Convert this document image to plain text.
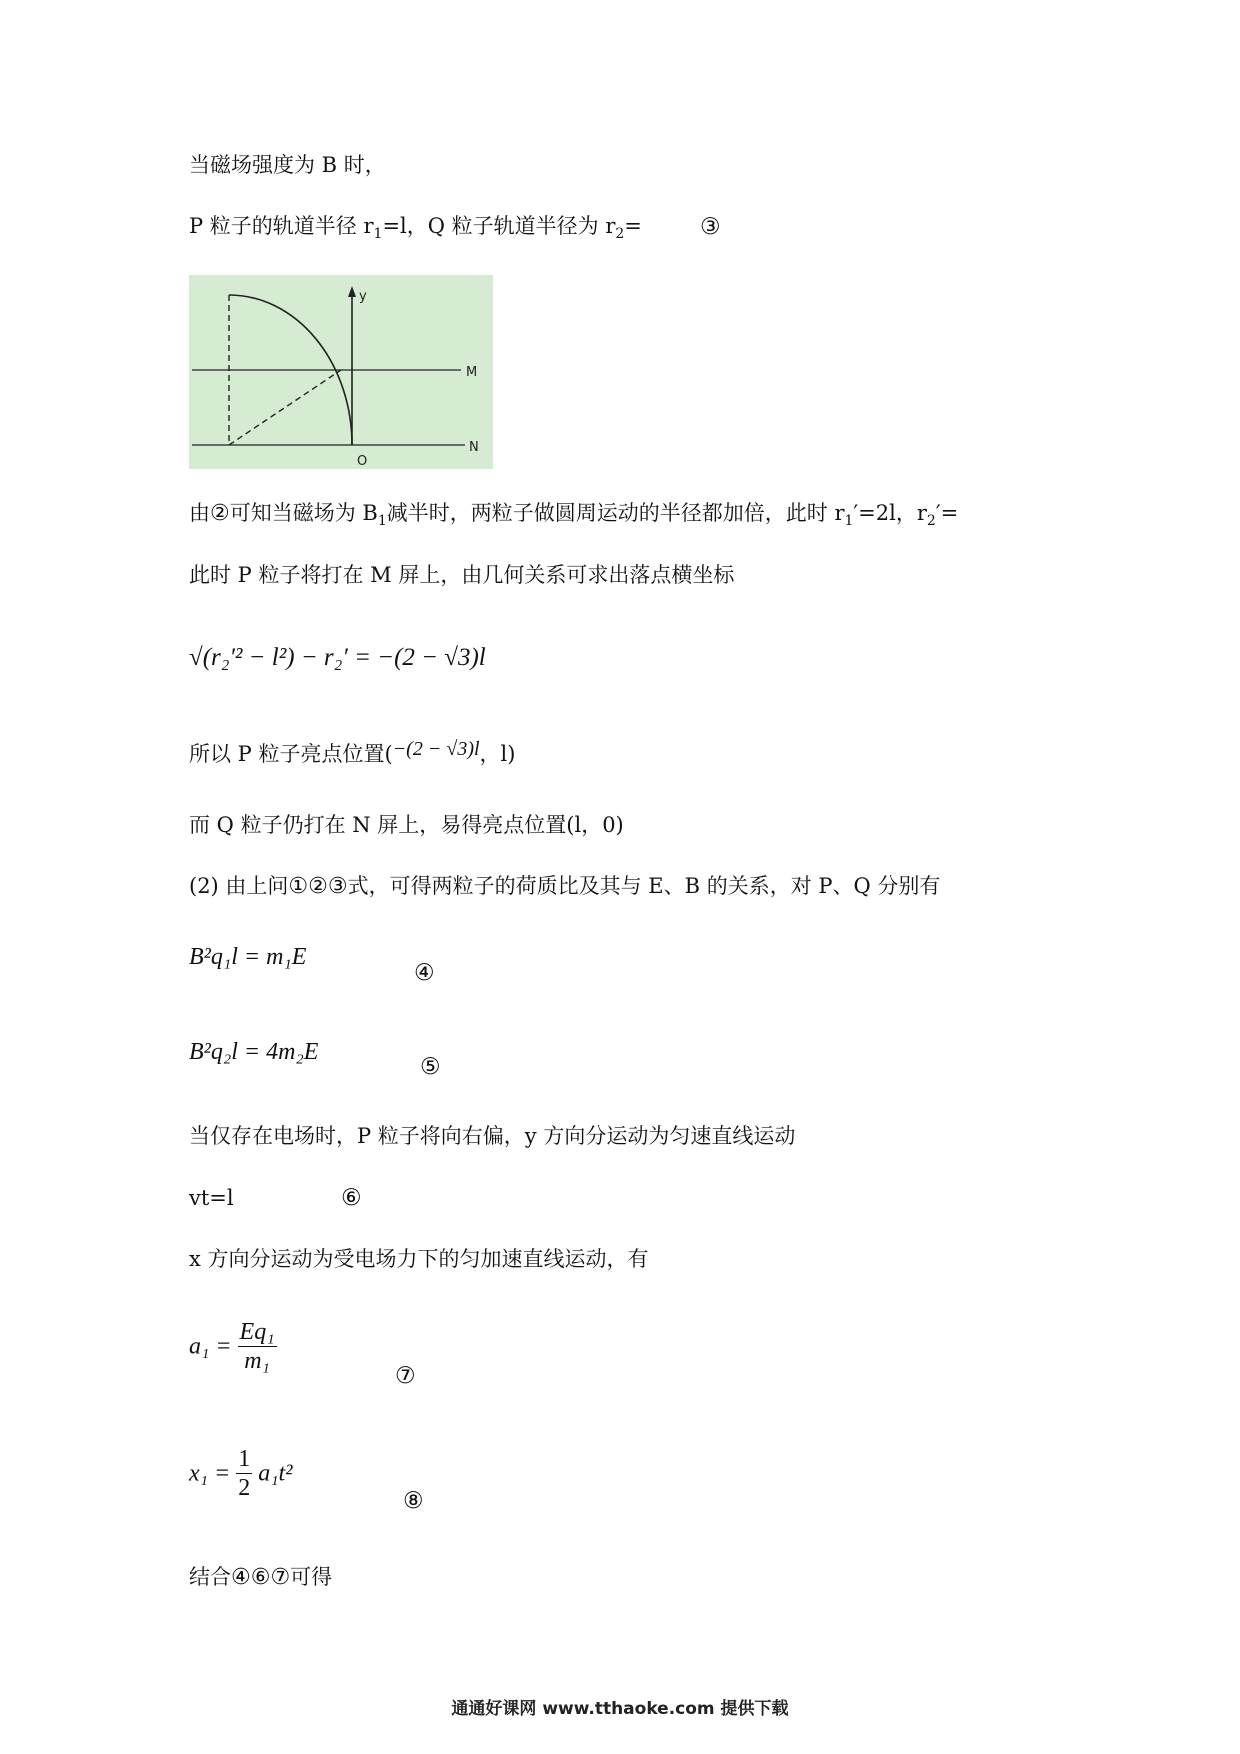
当磁场强度为 B 时，
P 粒子的轨道半径 $r_1=l$，Q 粒子轨道半径为 $r_2=$	③
y
M
N
O
由②可知当磁场为 $B_1$减半时，两粒子做圆周运动的半径都加倍，此时 $r_1'=2l$，$r_2'=$
此时 P 粒子将打在 M 屏上，由几何关系可求出落点横坐标
√(r₂′² − l²) − r₂′ = −(2 − √3)l
所以 P 粒子亮点位置(−(2 − √3)l，l)
而 Q 粒子仍打在 N 屏上，易得亮点位置(l，0)
(2) 由上问①②③式，可得两粒子的荷质比及其与 E、B 的关系，对 P、Q 分别有
B²q₁l = m₁E
④
B²q₂l = 4m₂E
⑤
当仅存在电场时，P 粒子将向右偏，y 方向分运动为匀速直线运动
vt=l	⑥
x 方向分运动为受电场力下的匀加速直线运动，有
$a_1 = \frac{\text{Eq₁}}{\text{m₁}}$
⑦
$x_1 = \frac{1}{2} a_1t^2$
⑧
结合④⑥⑦可得
通通好课网 www.tthaoke.com 提供下载
